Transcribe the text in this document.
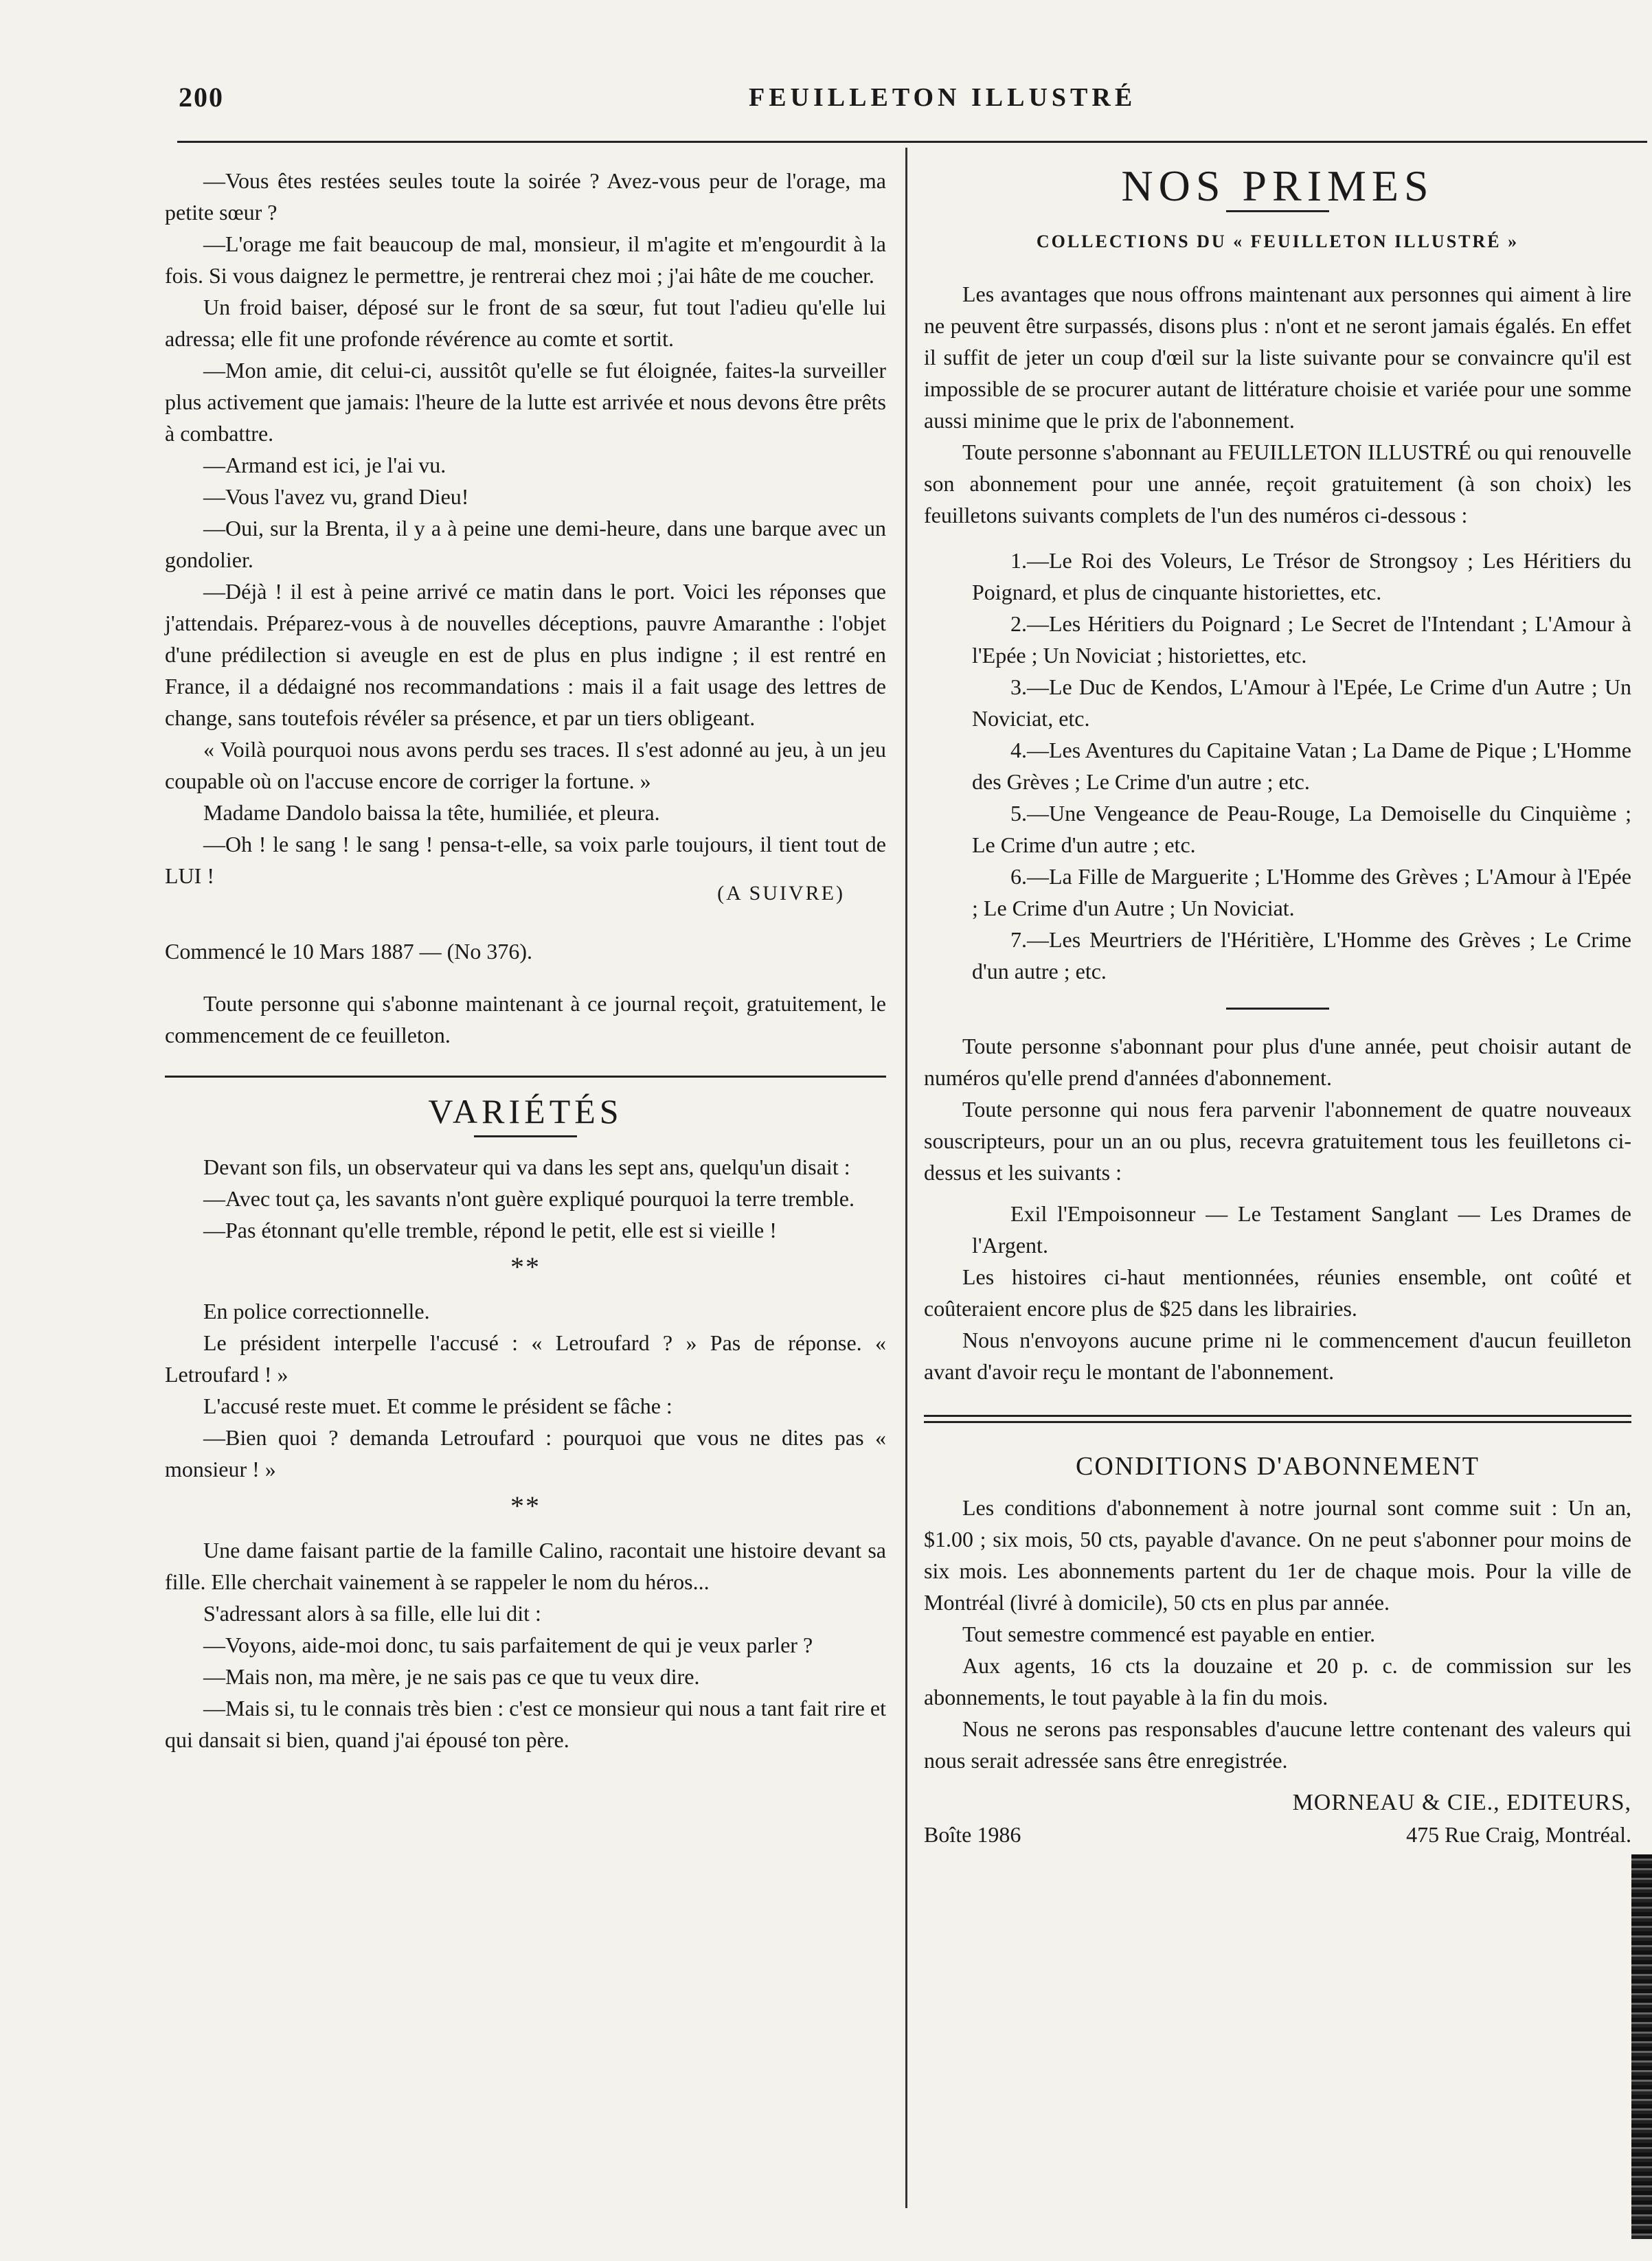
200	FEUILLETON ILLUSTRÉ

—Vous êtes restées seules toute la soirée ? Avez-vous peur de l'orage, ma petite sœur ?

—L'orage me fait beaucoup de mal, monsieur, il m'agite et m'engourdit à la fois. Si vous daignez le permettre, je rentrerai chez moi ; j'ai hâte de me coucher.

Un froid baiser, déposé sur le front de sa sœur, fut tout l'adieu qu'elle lui adressa; elle fit une profonde révérence au comte et sortit.

—Mon amie, dit celui-ci, aussitôt qu'elle se fut éloignée, faites-la surveiller plus activement que jamais: l'heure de la lutte est arrivée et nous devons être prêts à combattre.

—Armand est ici, je l'ai vu.

—Vous l'avez vu, grand Dieu!

—Oui, sur la Brenta, il y a à peine une demi-heure, dans une barque avec un gondolier.

—Déjà ! il est à peine arrivé ce matin dans le port. Voici les réponses que j'attendais. Préparez-vous à de nouvelles déceptions, pauvre Amaranthe : l'objet d'une prédilection si aveugle en est de plus en plus indigne ; il est rentré en France, il a dédaigné nos recommandations : mais il a fait usage des lettres de change, sans toutefois révéler sa présence, et par un tiers obligeant.

« Voilà pourquoi nous avons perdu ses traces. Il s'est adonné au jeu, à un jeu coupable où on l'accuse encore de corriger la fortune. »

Madame Dandolo baissa la tête, humiliée, et pleura.

—Oh ! le sang ! le sang ! pensa-t-elle, sa voix parle toujours, il tient tout de LUI !

(A SUIVRE)

Commencé le 10 Mars 1887 — (No 376).

Toute personne qui s'abonne maintenant à ce journal reçoit, gratuitement, le commencement de ce feuilleton.

VARIÉTÉS

Devant son fils, un observateur qui va dans les sept ans, quelqu'un disait :

—Avec tout ça, les savants n'ont guère expliqué pourquoi la terre tremble.

—Pas étonnant qu'elle tremble, répond le petit, elle est si vieille !

**

En police correctionnelle.

Le président interpelle l'accusé : « Letroufard ? » Pas de réponse. « Letroufard ! »

L'accusé reste muet. Et comme le président se fâche :

—Bien quoi ? demanda Letroufard : pourquoi que vous ne dites pas « monsieur ! »

**

Une dame faisant partie de la famille Calino, racontait une histoire devant sa fille. Elle cherchait vainement à se rappeler le nom du héros...

S'adressant alors à sa fille, elle lui dit :

—Voyons, aide-moi donc, tu sais parfaitement de qui je veux parler ?

—Mais non, ma mère, je ne sais pas ce que tu veux dire.

—Mais si, tu le connais très bien : c'est ce monsieur qui nous a tant fait rire et qui dansait si bien, quand j'ai épousé ton père.

NOS PRIMES
COLLECTIONS DU « FEUILLETON ILLUSTRÉ »

Les avantages que nous offrons maintenant aux personnes qui aiment à lire ne peuvent être surpassés, disons plus : n'ont et ne seront jamais égalés. En effet il suffit de jeter un coup d'œil sur la liste suivante pour se convaincre qu'il est impossible de se procurer autant de littérature choisie et variée pour une somme aussi minime que le prix de l'abonnement.

Toute personne s'abonnant au FEUILLETON ILLUSTRÉ ou qui renouvelle son abonnement pour une année, reçoit gratuitement (à son choix) les feuilletons suivants complets de l'un des numéros ci-dessous :

1.—Le Roi des Voleurs, Le Trésor de Strongsoy ; Les Héritiers du Poignard, et plus de cinquante historiettes, etc.

2.—Les Héritiers du Poignard ; Le Secret de l'Intendant ; L'Amour à l'Epée ; Un Noviciat ; historiettes, etc.

3.—Le Duc de Kendos, L'Amour à l'Epée, Le Crime d'un Autre ; Un Noviciat, etc.

4.—Les Aventures du Capitaine Vatan ; La Dame de Pique ; L'Homme des Grèves ; Le Crime d'un autre ; etc.

5.—Une Vengeance de Peau-Rouge, La Demoiselle du Cinquième ; Le Crime d'un autre ; etc.

6.—La Fille de Marguerite ; L'Homme des Grèves ; L'Amour à l'Epée ; Le Crime d'un Autre ; Un Noviciat.

7.—Les Meurtriers de l'Héritière, L'Homme des Grèves ; Le Crime d'un autre ; etc.

Toute personne s'abonnant pour plus d'une année, peut choisir autant de numéros qu'elle prend d'années d'abonnement.

Toute personne qui nous fera parvenir l'abonnement de quatre nouveaux souscripteurs, pour un an ou plus, recevra gratuitement tous les feuilletons ci-dessus et les suivants :

Exil l'Empoisonneur — Le Testament Sanglant — Les Drames de l'Argent.

Les histoires ci-haut mentionnées, réunies ensemble, ont coûté et coûteraient encore plus de $25 dans les librairies.

Nous n'envoyons aucune prime ni le commencement d'aucun feuilleton avant d'avoir reçu le montant de l'abonnement.

CONDITIONS D'ABONNEMENT

Les conditions d'abonnement à notre journal sont comme suit : Un an, $1.00 ; six mois, 50 cts, payable d'avance. On ne peut s'abonner pour moins de six mois. Les abonnements partent du 1er de chaque mois. Pour la ville de Montréal (livré à domicile), 50 cts en plus par année.

Tout semestre commencé est payable en entier.

Aux agents, 16 cts la douzaine et 20 p. c. de commission sur les abonnements, le tout payable à la fin du mois.

Nous ne serons pas responsables d'aucune lettre contenant des valeurs qui nous serait adressée sans être enregistrée.

MORNEAU & CIE., EDITEURS,

Boîte 1986	475 Rue Craig, Montréal.
